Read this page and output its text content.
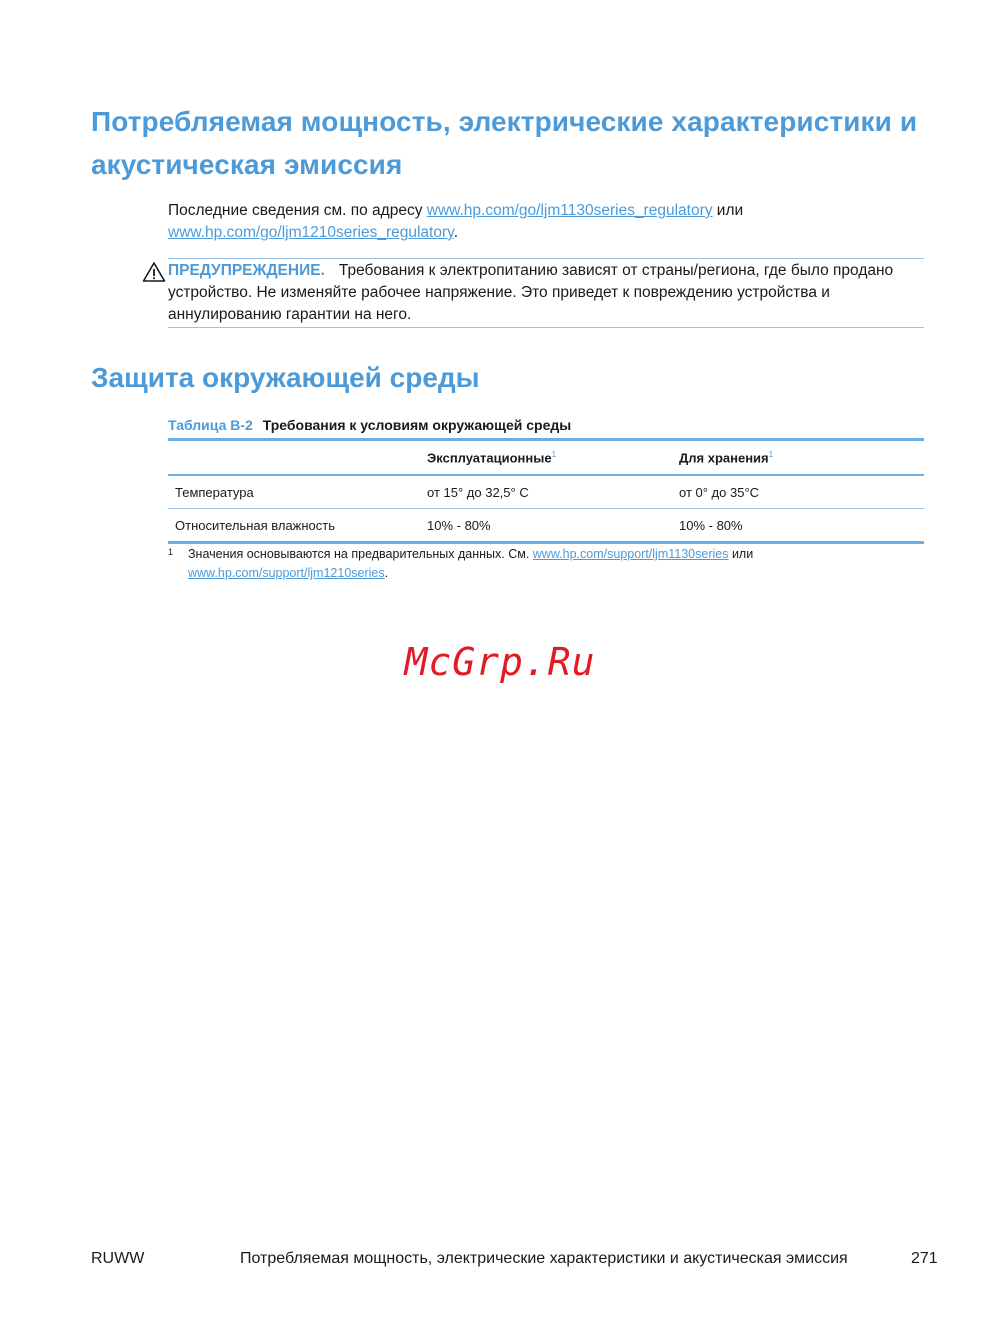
Потребляемая мощность, электрические характеристики и акустическая эмиссия
Последние сведения см. по адресу www.hp.com/go/ljm1130series_regulatory или www.hp.com/go/ljm1210series_regulatory.
ПРЕДУПРЕЖДЕНИЕ. Требования к электропитанию зависят от страны/региона, где было продано устройство. Не изменяйте рабочее напряжение. Это приведет к повреждению устройства и аннулированию гарантии на него.
Защита окружающей среды
Таблица B-2 Требования к условиям окружающей среды
	Эксплуатационные$^1$	Для хранения$^1$
Температура	от 15° до 32,5° C	от 0° до 35°C
Относительная влажность	10% - 80%	10% - 80%
1 Значения основываются на предварительных данных. См. www.hp.com/support/ljm1130series или www.hp.com/support/ljm1210series.
McGrp.Ru
RUWW	Потребляемая мощность, электрические характеристики и акустическая эмиссия	271
